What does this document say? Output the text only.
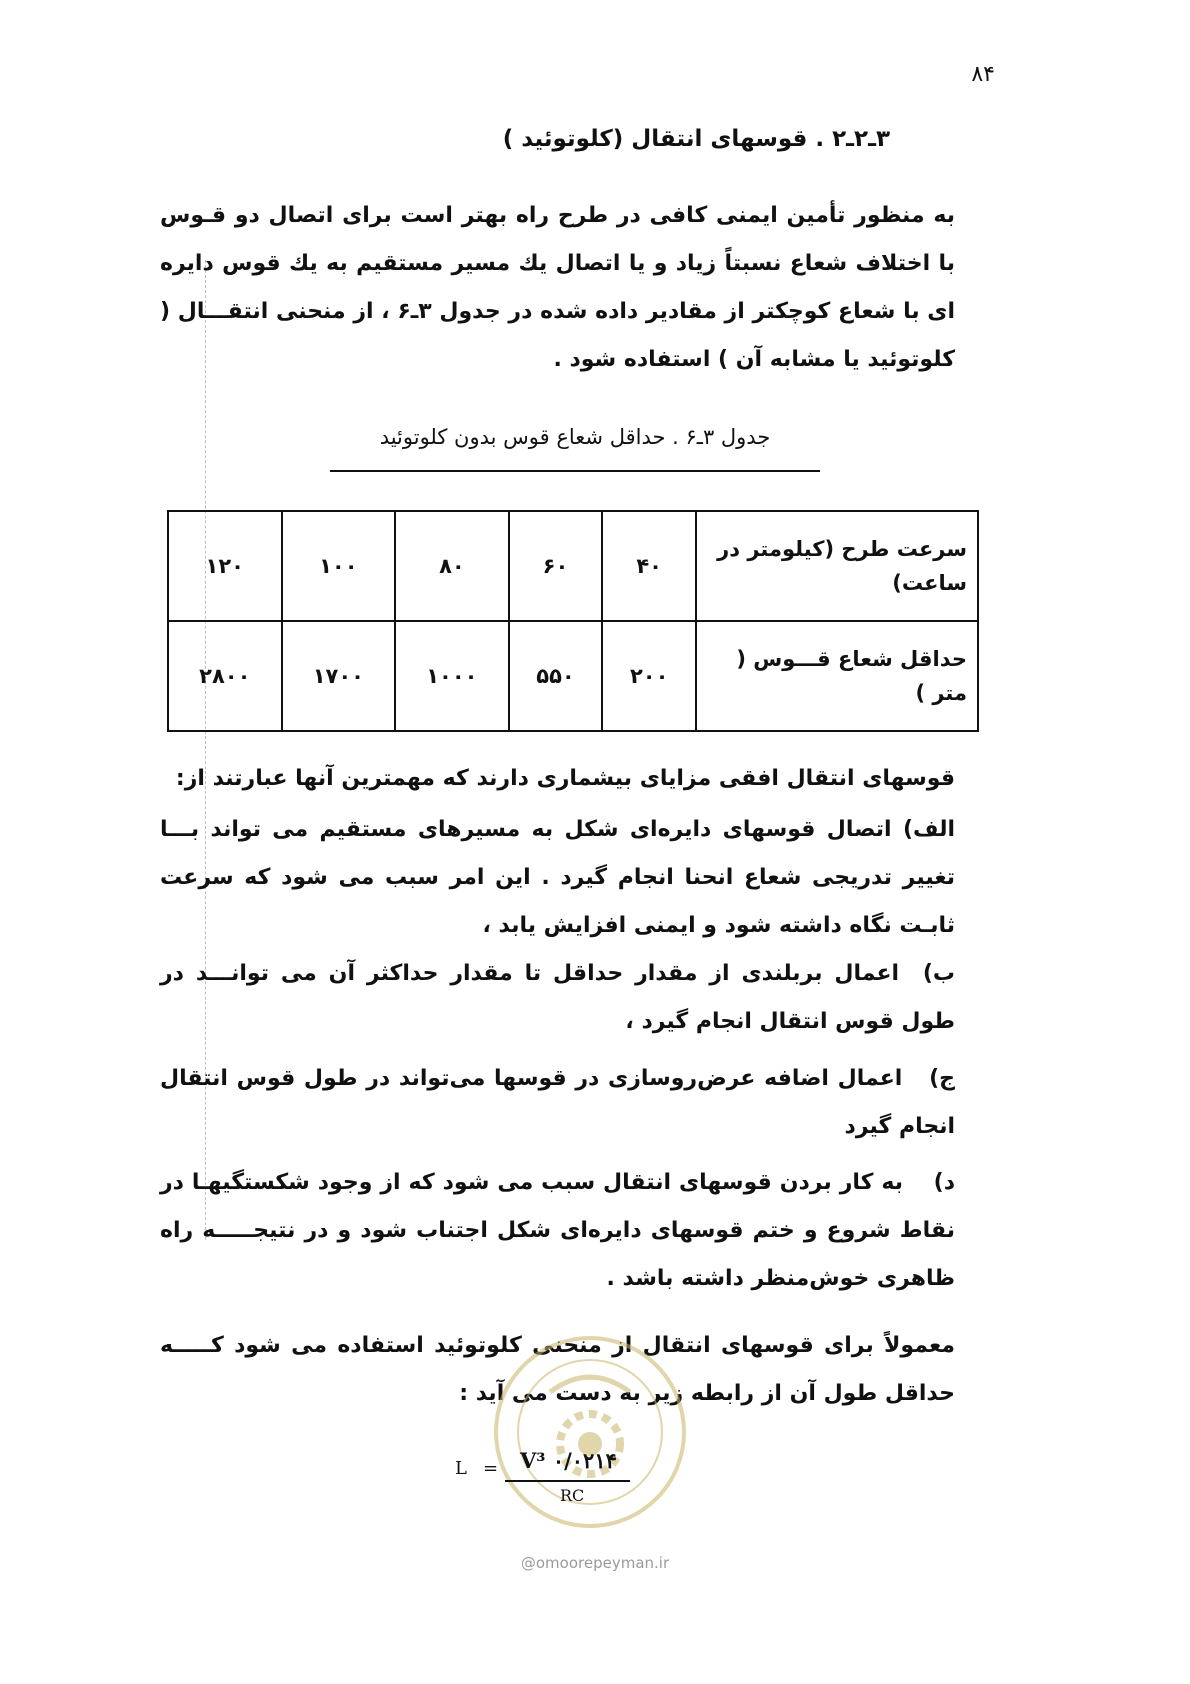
۸۴
۳ـ۲ـ۲ . قوسهای انتقال (کلوتوئید )
به منظور تأمین ایمنی کافی در طرح راه بهتر است برای اتصال دو قـوس با اختلاف شعاع نسبتاً زیاد و یا اتصال یك مسیر مستقیم به یك قوس دایره ای با شعاع کوچکتر از مقادیر داده شده در جدول ۳ـ۶ ، از منحنی انتقـــال ( کلوتوئید یا مشابه آن ) استفاده شود .
جدول ۳ـ۶ . حداقل شعاع قوس بدون کلوتوئید
سرعت طرح (کیلومتر در ساعت)	۴۰	۶۰	۸۰	۱۰۰	۱۲۰
حداقل شعاع قـــوس ( متر )	۲۰۰	۵۵۰	۱۰۰۰	۱۷۰۰	۲۸۰۰
قوسهای انتقال افقی مزایای بیشماری دارند که مهمترین آنها عبارتند از:
الف) اتصال قوسهای دایره‌ای شکل به مسیرهای مستقیم می تواند بـــا تغییر تدریجی شعاع انحنا انجام گیرد . این امر سبب می شود که سرعت ثابـت نگاه داشته شود و ایمنی افزایش یابد ،
ب) اعمال بربلندی از مقدار حداقل تا مقدار حداکثر آن می توانـــد در طول قوس انتقال انجام گیرد ،
ج) اعمال اضافه عرض‌روسازی در قوسها می‌تواند در طول قوس انتقال انجام گیرد
د) به کار بردن قوسهای انتقال سبب می شود که از وجود شکستگیهـا در نقاط شروع و ختم قوسهای دایره‌ای شکل اجتناب شود و در نتیجـــــه راه ظاهری خوش‌منظر داشته باشد .
معمولاً برای قوسهای انتقال از منحنی کلوتوئید استفاده می شود کـــــه حداقل طول آن از رابطه زیر به دست می آید :
L = ۰/۰۲۱۴ V³
RC
@omoorepeyman.ir
